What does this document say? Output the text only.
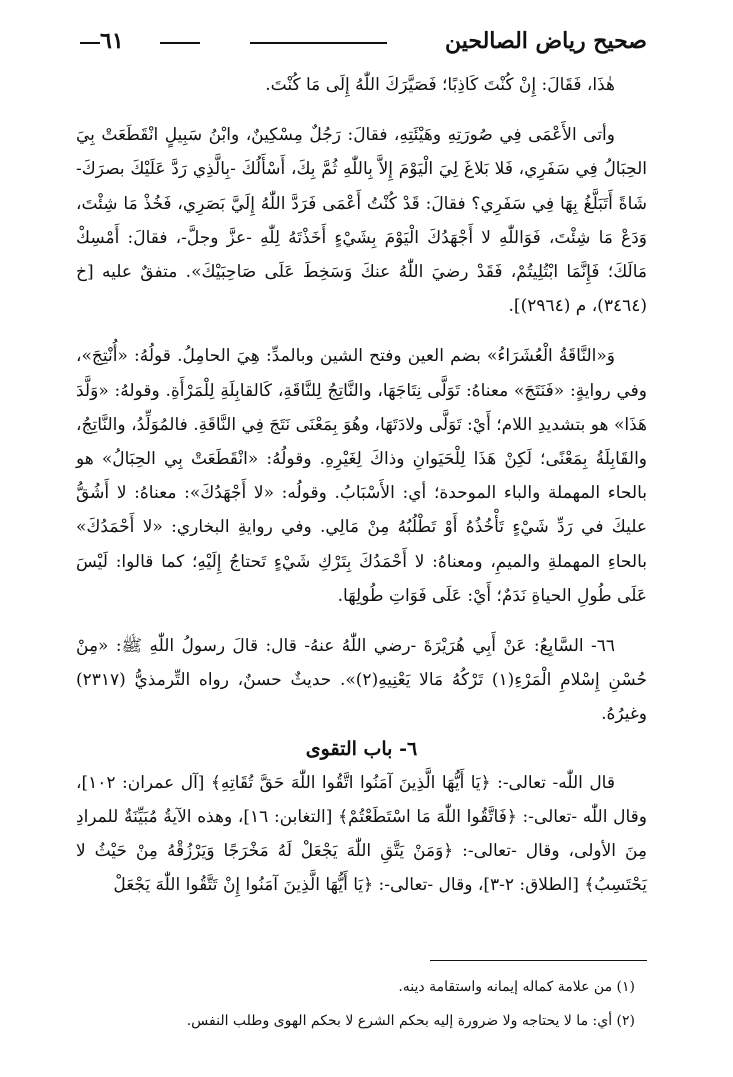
صحيح رياض الصالحين
٦١

هٰذَا، فَقَالَ: إِنْ كُنْتَ كَاذِبًا؛ فَصَيَّرَكَ اللّٰهُ إِلَى مَا كُنْتَ.

وأتى الأَعْمَى فِي صُورَتِهِ وهَيْئَتِهِ، فقالَ: رَجُلٌ مِسْكِينٌ، وابْنُ سَبِيلٍ انْقَطَعَتْ بِيَ الحِبَالُ فِي سَفَرِي، فَلا بَلاغَ لِيَ الْيَوْمَ إِلاَّ بِاللّٰهِ ثُمَّ بِكَ، أَسْأَلُكَ -بِالَّذِي رَدَّ عَلَيْكَ بصرَكَ- شَاةً أَتَبَلَّغُ بِهَا فِي سَفَرِي؟ فقالَ: قَدْ كُنْتُ أَعْمَى فَرَدَّ اللّٰهُ إِلَيَّ بَصَرِي، فَخُذْ مَا شِئْتَ، وَدَعْ مَا شِئْتَ، فَوَاللّٰهِ لا أَجْهَدُكَ الْيَوْمَ بِشَيْءٍ أَخَذْتَهُ لِلّٰهِ -عزَّ وجلَّ-، فقالَ: أَمْسِكْ مَالَكَ؛ فَإِنَّمَا ابْتُلِيتُمْ، فَقَدْ رضيَ اللّٰهُ عنكَ وَسَخِطَ عَلَى صَاحِبَيْكَ». متفقٌ عليه [خ (٣٤٦٤)، م (٢٩٦٤)].

وَ«النَّاقَةُ الْعُشَرَاءُ» بضم العين وفتح الشين وبالمدِّ: هِيَ الحامِلُ. قولُهُ: «أُنْتِجَ»، وفي روايةٍ: «فَنَتَجَ» معناهُ: تَوَلَّى نِتَاجَهَا، والنَّاتِجُ لِلنَّاقَةِ، كَالقابِلَةِ لِلْمَرْأَةِ. وقولهُ: «وَلَّدَ هَذَا» هو بتشديدِ اللام؛ أَيْ: تَوَلَّى ولادَتَهَا، وهُوَ بِمَعْنَى نَتَجَ فِي النَّاقَةِ. فالمُوَلِّدُ، والنَّاتِجُ، والقَابِلَةُ بِمَعْنًى؛ لَكِنْ هَذَا لِلْحَيَوانِ وذاكَ لِغَيْرِهِ. وقولُهُ: «انْقَطَعَتْ بِي الحِبَالُ» هو بالحاء المهملة والباء الموحدة؛ أي: الأَسْبَابُ. وقولُه: «لا أَجْهَدُكَ»: معناهُ: لا أَشُقُّ عليكَ في رَدِّ شَيْءٍ تَأْخُذُهُ أَوْ تَطْلُبُهُ مِنْ مَالِي. وفي روايةِ البخاري: «لا أَحْمَدُكَ» بالحاءِ المهملةِ والميمِ، ومعناهُ: لا أَحْمَدُكَ بِتَرْكِ شَيْءٍ تَحتاجُ إِلَيْهِ؛ كما قالوا: لَيْسَ عَلَى طُولِ الحياةِ نَدَمٌ؛ أَيْ: عَلَى فَوَاتِ طُولِهَا.

٦٦- السَّابِعُ: عَنْ أَبِي هُرَيْرَةَ -رضي اللّٰهُ عنهُ- قال: قالَ رسولُ اللّٰهِ ﷺ: «مِنْ حُسْنِ إِسْلامِ الْمَرْءِ(١) تَرْكُهُ مَالا يَعْنِيهِ(٢)». حديثٌ حسنٌ، رواه التِّرمذيُّ (٢٣١٧) وغيرُهُ.

٦- باب التقوى

قال اللّٰه- تعالى-: ﴿يَا أَيُّهَا الَّذِينَ آمَنُوا اتَّقُوا اللّٰهَ حَقَّ تُقَاتِهِ﴾ [آل عمران: ١٠٢]، وقال اللّٰه -تعالى-: ﴿فَاتَّقُوا اللّٰهَ مَا اسْتَطَعْتُمْ﴾ [التغابن: ١٦]، وهذه الآيةُ مُبَيِّنَةٌ للمرادِ مِنَ الأولى، وقال -تعالى-: ﴿وَمَنْ يَتَّقِ اللّٰهَ يَجْعَلْ لَهُ مَخْرَجًا وَيَرْزُقْهُ مِنْ حَيْثُ لا يَحْتَسِبُ﴾ [الطلاق: ٢-٣]، وقال -تعالى-: ﴿يَا أَيُّهَا الَّذِينَ آمَنُوا إِنْ تَتَّقُوا اللّٰهَ يَجْعَلْ

(١) من علامة كماله إيمانه واستقامة دينه.

(٢) أي: ما لا يحتاجه ولا ضرورة إليه بحكم الشرع لا بحكم الهوى وطلب النفس.
